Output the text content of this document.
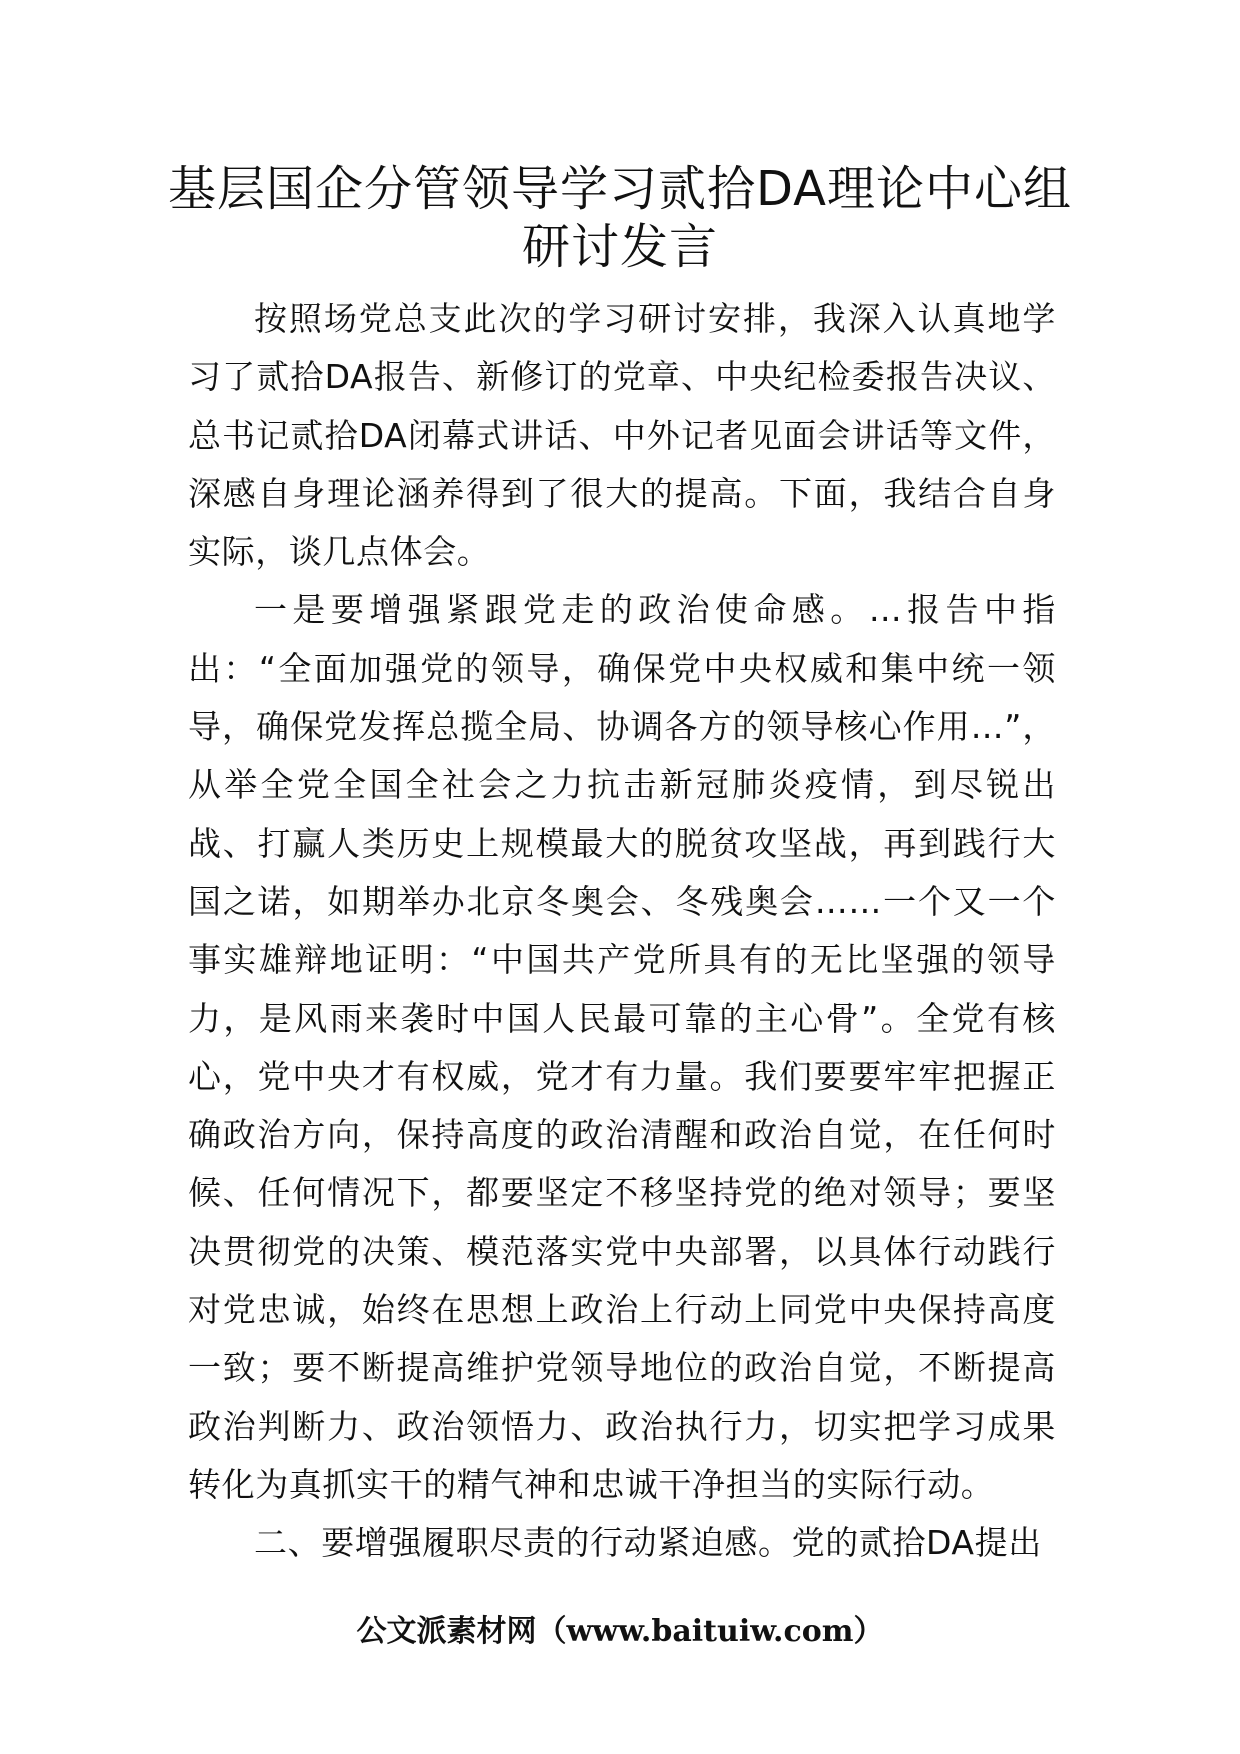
基层国企分管领导学习贰拾DA理论中心组研讨发言

按照场党总支此次的学习研讨安排，我深入认真地学习了贰拾DA报告、新修订的党章、中央纪检委报告决议、总书记贰拾DA闭幕式讲话、中外记者见面会讲话等文件，深感自身理论涵养得到了很大的提高。下面，我结合自身实际，谈几点体会。

一是要增强紧跟党走的政治使命感。…报告中指出：“全面加强党的领导，确保党中央权威和集中统一领导，确保党发挥总揽全局、协调各方的领导核心作用…”，从举全党全国全社会之力抗击新冠肺炎疫情，到尽锐出战、打赢人类历史上规模最大的脱贫攻坚战，再到践行大国之诺，如期举办北京冬奥会、冬残奥会……一个又一个事实雄辩地证明：“中国共产党所具有的无比坚强的领导力，是风雨来袭时中国人民最可靠的主心骨”。全党有核心，党中央才有权威，党才有力量。我们要要牢牢把握正确政治方向，保持高度的政治清醒和政治自觉，在任何时候、任何情况下，都要坚定不移坚持党的绝对领导；要坚决贯彻党的决策、模范落实党中央部署，以具体行动践行对党忠诚，始终在思想上政治上行动上同党中央保持高度一致；要不断提高维护党领导地位的政治自觉，不断提高政治判断力、政治领悟力、政治执行力，切实把学习成果转化为真抓实干的精气神和忠诚干净担当的实际行动。

二、要增强履职尽责的行动紧迫感。党的贰拾DA提出

公文派素材网（www.baituiw.com）
